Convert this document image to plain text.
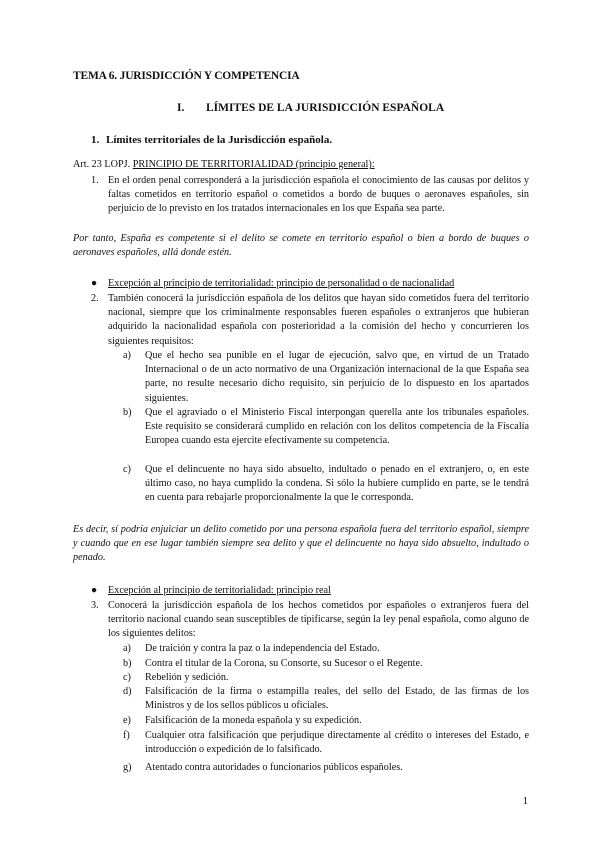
TEMA 6. JURISDICCIÓN Y COMPETENCIA
I. LÍMITES DE LA JURISDICCIÓN ESPAÑOLA
1. Límites territoriales de la Jurisdicción española.
Art. 23 LOPJ. PRINCIPIO DE TERRITORIALIDAD (principio general):
1. En el orden penal corresponderá a la jurisdicción española el conocimiento de las causas por delitos y faltas cometidos en territorio español o cometidos a bordo de buques o aeronaves españoles, sin perjuicio de lo previsto en los tratados internacionales en los que España sea parte.
Por tanto, España es competente si el delito se comete en territorio español o bien a bordo de buques o aeronaves españoles, allá donde estén.
● Excepción al principio de territorialidad: principio de personalidad o de nacionalidad
2. También conocerá la jurisdicción española de los delitos que hayan sido cometidos fuera del territorio nacional, siempre que los criminalmente responsables fueren españoles o extranjeros que hubieran adquirido la nacionalidad española con posterioridad a la comisión del hecho y concurrieren los siguientes requisitos:
a) Que el hecho sea punible en el lugar de ejecución, salvo que, en virtud de un Tratado Internacional o de un acto normativo de una Organización internacional de la que España sea parte, no resulte necesario dicho requisito, sin perjuicio de lo dispuesto en los apartados siguientes.
b) Que el agraviado o el Ministerio Fiscal interpongan querella ante los tribunales españoles. Este requisito se considerará cumplido en relación con los delitos competencia de la Fiscalía Europea cuando esta ejercite efectivamente su competencia.
c) Que el delincuente no haya sido absuelto, indultado o penado en el extranjero, o, en este último caso, no haya cumplido la condena. Si sólo la hubiere cumplido en parte, se le tendrá en cuenta para rebajarle proporcionalmente la que le corresponda.
Es decir, sí podría enjuiciar un delito cometido por una persona española fuera del territorio español, siempre y cuando que en ese lugar también siempre sea delito y que el delincuente no haya sido absuelto, indultado o penado.
● Excepción al principio de territorialidad: principio real
3. Conocerá la jurisdicción española de los hechos cometidos por españoles o extranjeros fuera del territorio nacional cuando sean susceptibles de tipificarse, según la ley penal española, como alguno de los siguientes delitos:
a) De traición y contra la paz o la independencia del Estado.
b) Contra el titular de la Corona, su Consorte, su Sucesor o el Regente.
c) Rebelión y sedición.
d) Falsificación de la firma o estampilla reales, del sello del Estado, de las firmas de los Ministros y de los sellos públicos u oficiales.
e) Falsificación de la moneda española y su expedición.
f) Cualquier otra falsificación que perjudique directamente al crédito o intereses del Estado, e introducción o expedición de lo falsificado.
g) Atentado contra autoridades o funcionarios públicos españoles.
1
